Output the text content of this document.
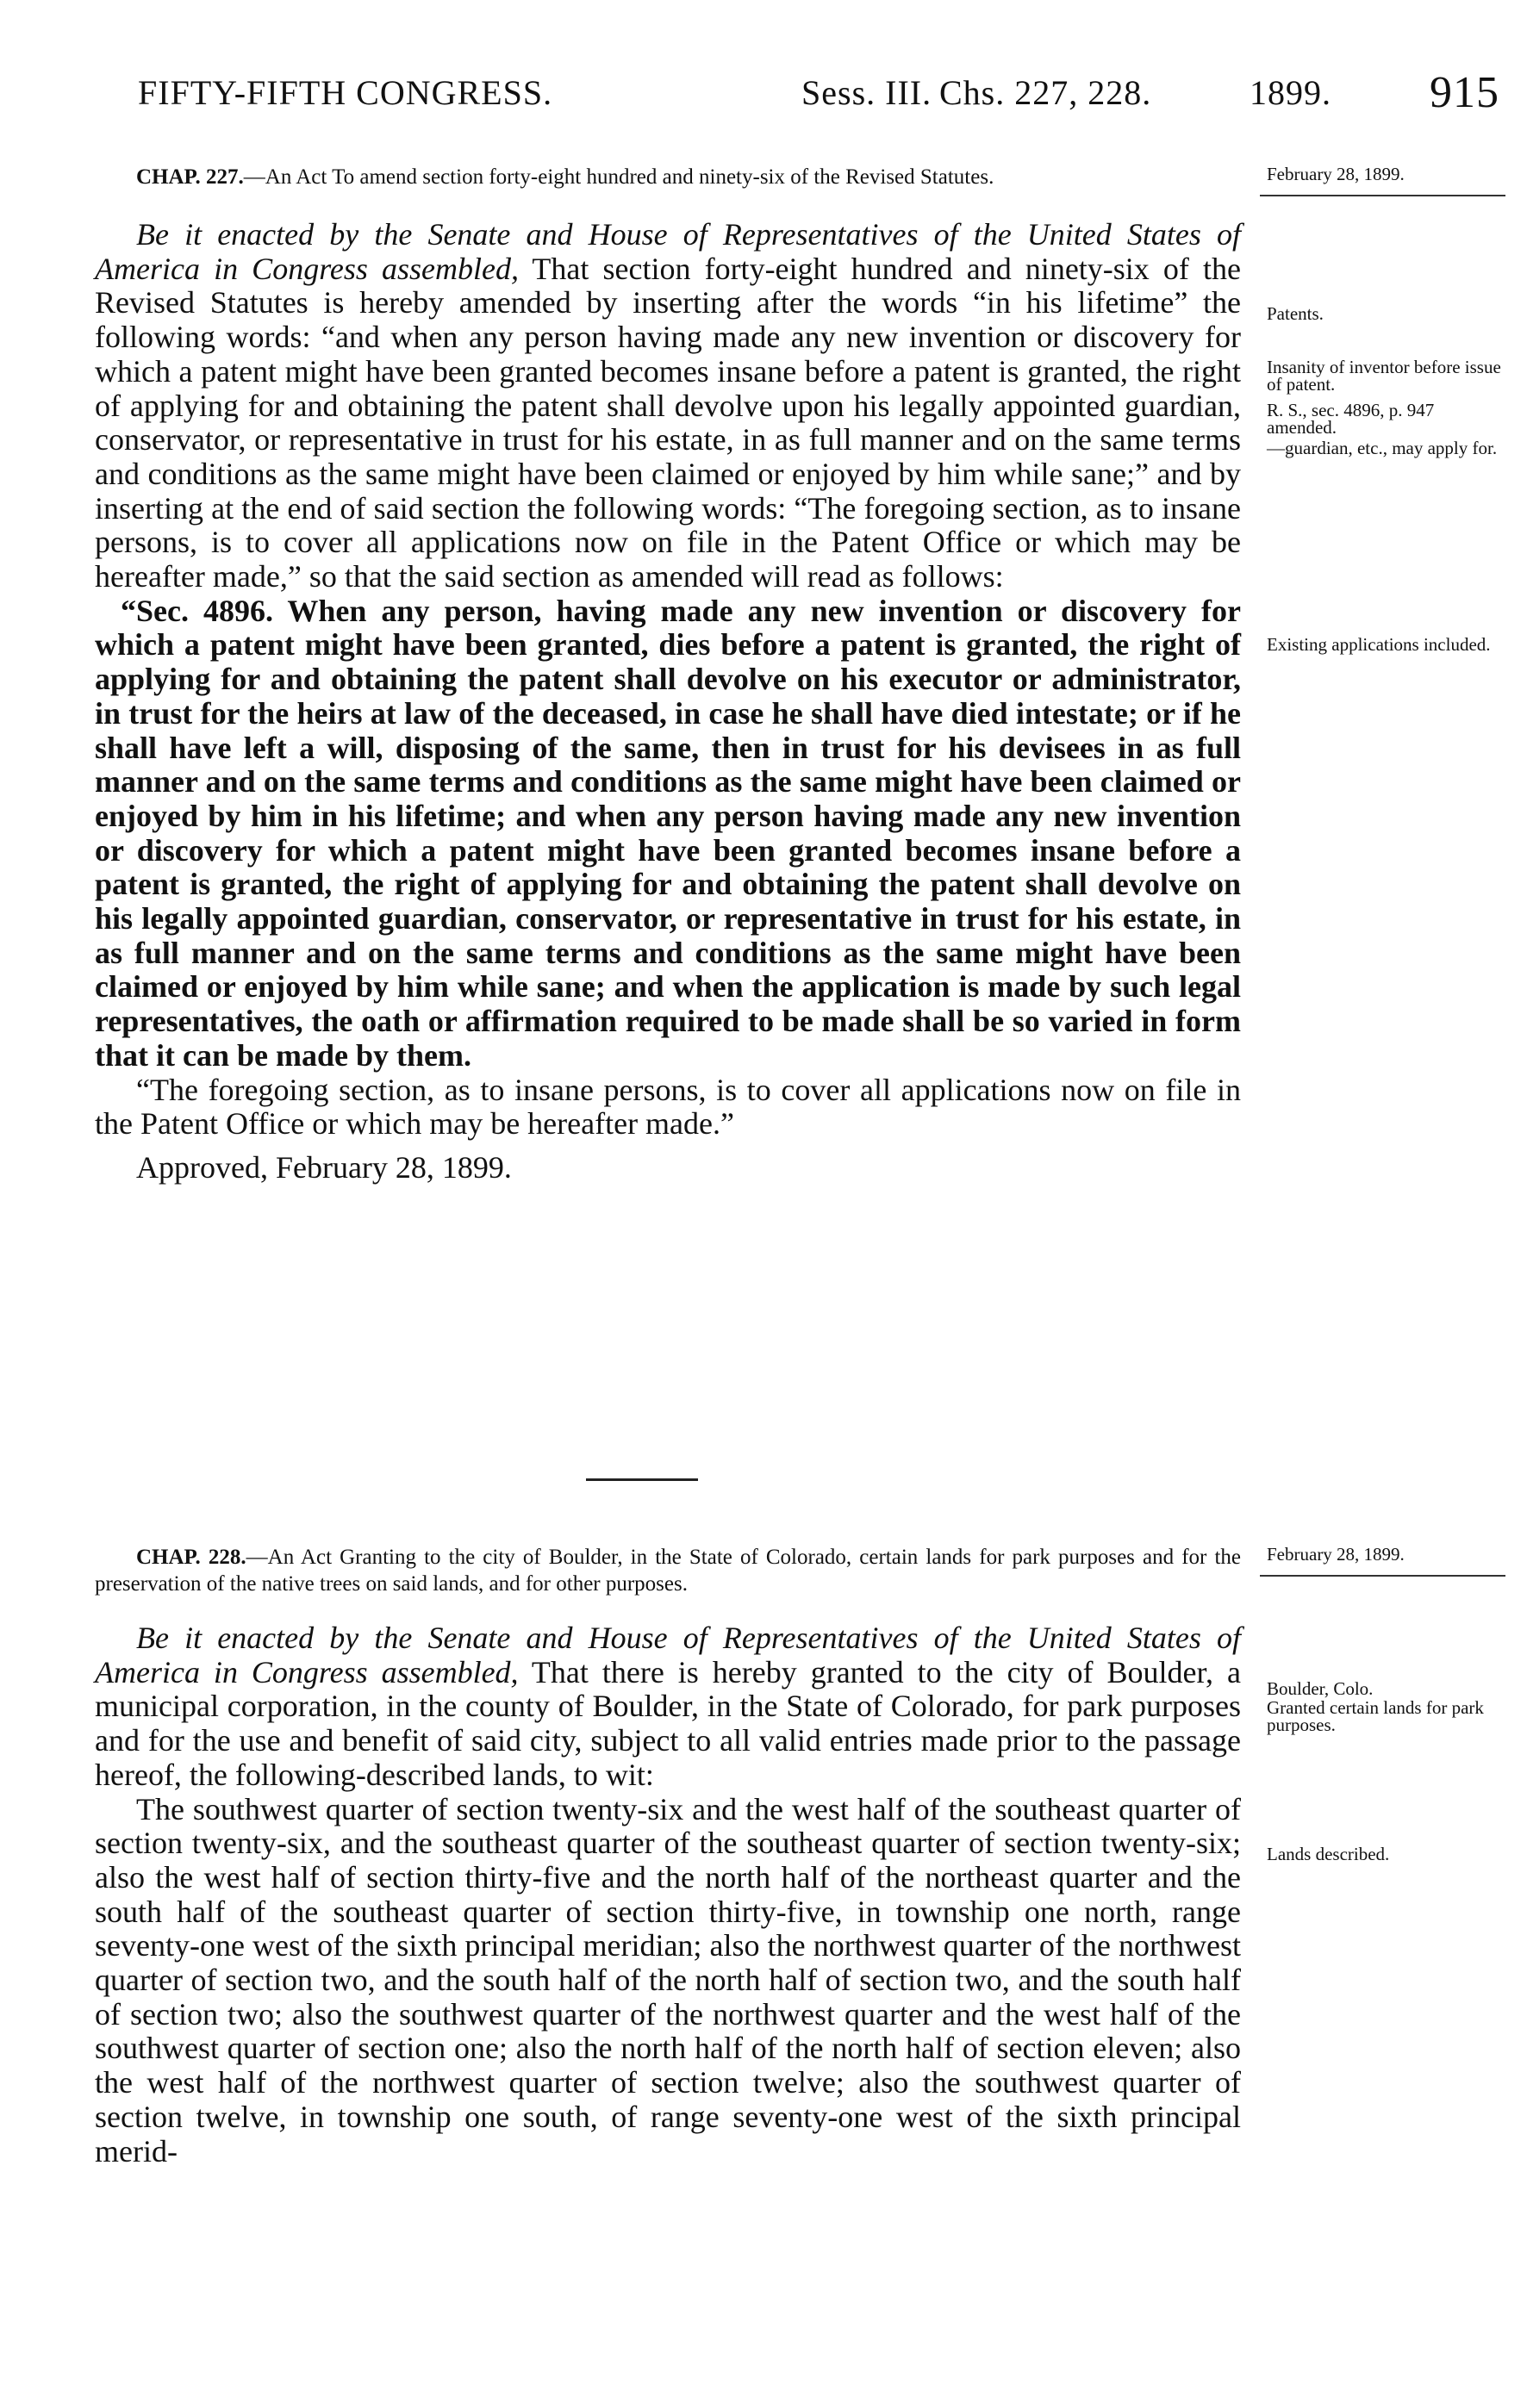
FIFTY-FIFTH CONGRESS.	Sess. III. Chs. 227, 228.	1899. 915

CHAP. 227.—An Act To amend section forty-eight hundred and ninety-six of the Revised Statutes.

Be it enacted by the Senate and House of Representatives of the United States of America in Congress assembled, That section forty-eight hundred and ninety-six of the Revised Statutes is hereby amended by inserting after the words “in his lifetime” the following words: “and when any person having made any new invention or discovery for which a patent might have been granted becomes insane before a patent is granted, the right of applying for and obtaining the patent shall devolve upon his legally appointed guardian, conservator, or representative in trust for his estate, in as full manner and on the same terms and conditions as the same might have been claimed or enjoyed by him while sane;” and by inserting at the end of said section the following words: “The foregoing section, as to insane persons, is to cover all applications now on file in the Patent Office or which may be hereafter made,” so that the said section as amended will read as follows:

“Sec. 4896. When any person, having made any new invention or discovery for which a patent might have been granted, dies before a patent is granted, the right of applying for and obtaining the patent shall devolve on his executor or administrator, in trust for the heirs at law of the deceased, in case he shall have died intestate; or if he shall have left a will, disposing of the same, then in trust for his devisees in as full manner and on the same terms and conditions as the same might have been claimed or enjoyed by him in his lifetime; and when any person having made any new invention or discovery for which a patent might have been granted becomes insane before a patent is granted, the right of applying for and obtaining the patent shall devolve on his legally appointed guardian, conservator, or representative in trust for his estate, in as full manner and on the same terms and conditions as the same might have been claimed or enjoyed by him while sane; and when the application is made by such legal representatives, the oath or affirmation required to be made shall be so varied in form that it can be made by them.

“The foregoing section, as to insane persons, is to cover all applications now on file in the Patent Office or which may be hereafter made.”

Approved, February 28, 1899.

February 28, 1899.
Patents.
Insanity of inventor before issue of patent.
R. S., sec. 4896, p. 947 amended.
—guardian, etc., may apply for.
Existing applications included.

CHAP. 228.—An Act Granting to the city of Boulder, in the State of Colorado, certain lands for park purposes and for the preservation of the native trees on said lands, and for other purposes.

Be it enacted by the Senate and House of Representatives of the United States of America in Congress assembled, That there is hereby granted to the city of Boulder, a municipal corporation, in the county of Boulder, in the State of Colorado, for park purposes and for the use and benefit of said city, subject to all valid entries made prior to the passage hereof, the following-described lands, to wit:

The southwest quarter of section twenty-six and the west half of the southeast quarter of section twenty-six, and the southeast quarter of the southeast quarter of section twenty-six; also the west half of section thirty-five and the north half of the northeast quarter and the south half of the southeast quarter of section thirty-five, in township one north, range seventy-one west of the sixth principal meridian; also the northwest quarter of the northwest quarter of section two, and the south half of the north half of section two, and the south half of section two; also the southwest quarter of the northwest quarter and the west half of the southwest quarter of section one; also the north half of the north half of section eleven; also the west half of the northwest quarter of section twelve; also the southwest quarter of section twelve, in township one south, of range seventy-one west of the sixth principal merid-

February 28, 1899.
Boulder, Colo.
Granted certain lands for park purposes.
Lands described.
